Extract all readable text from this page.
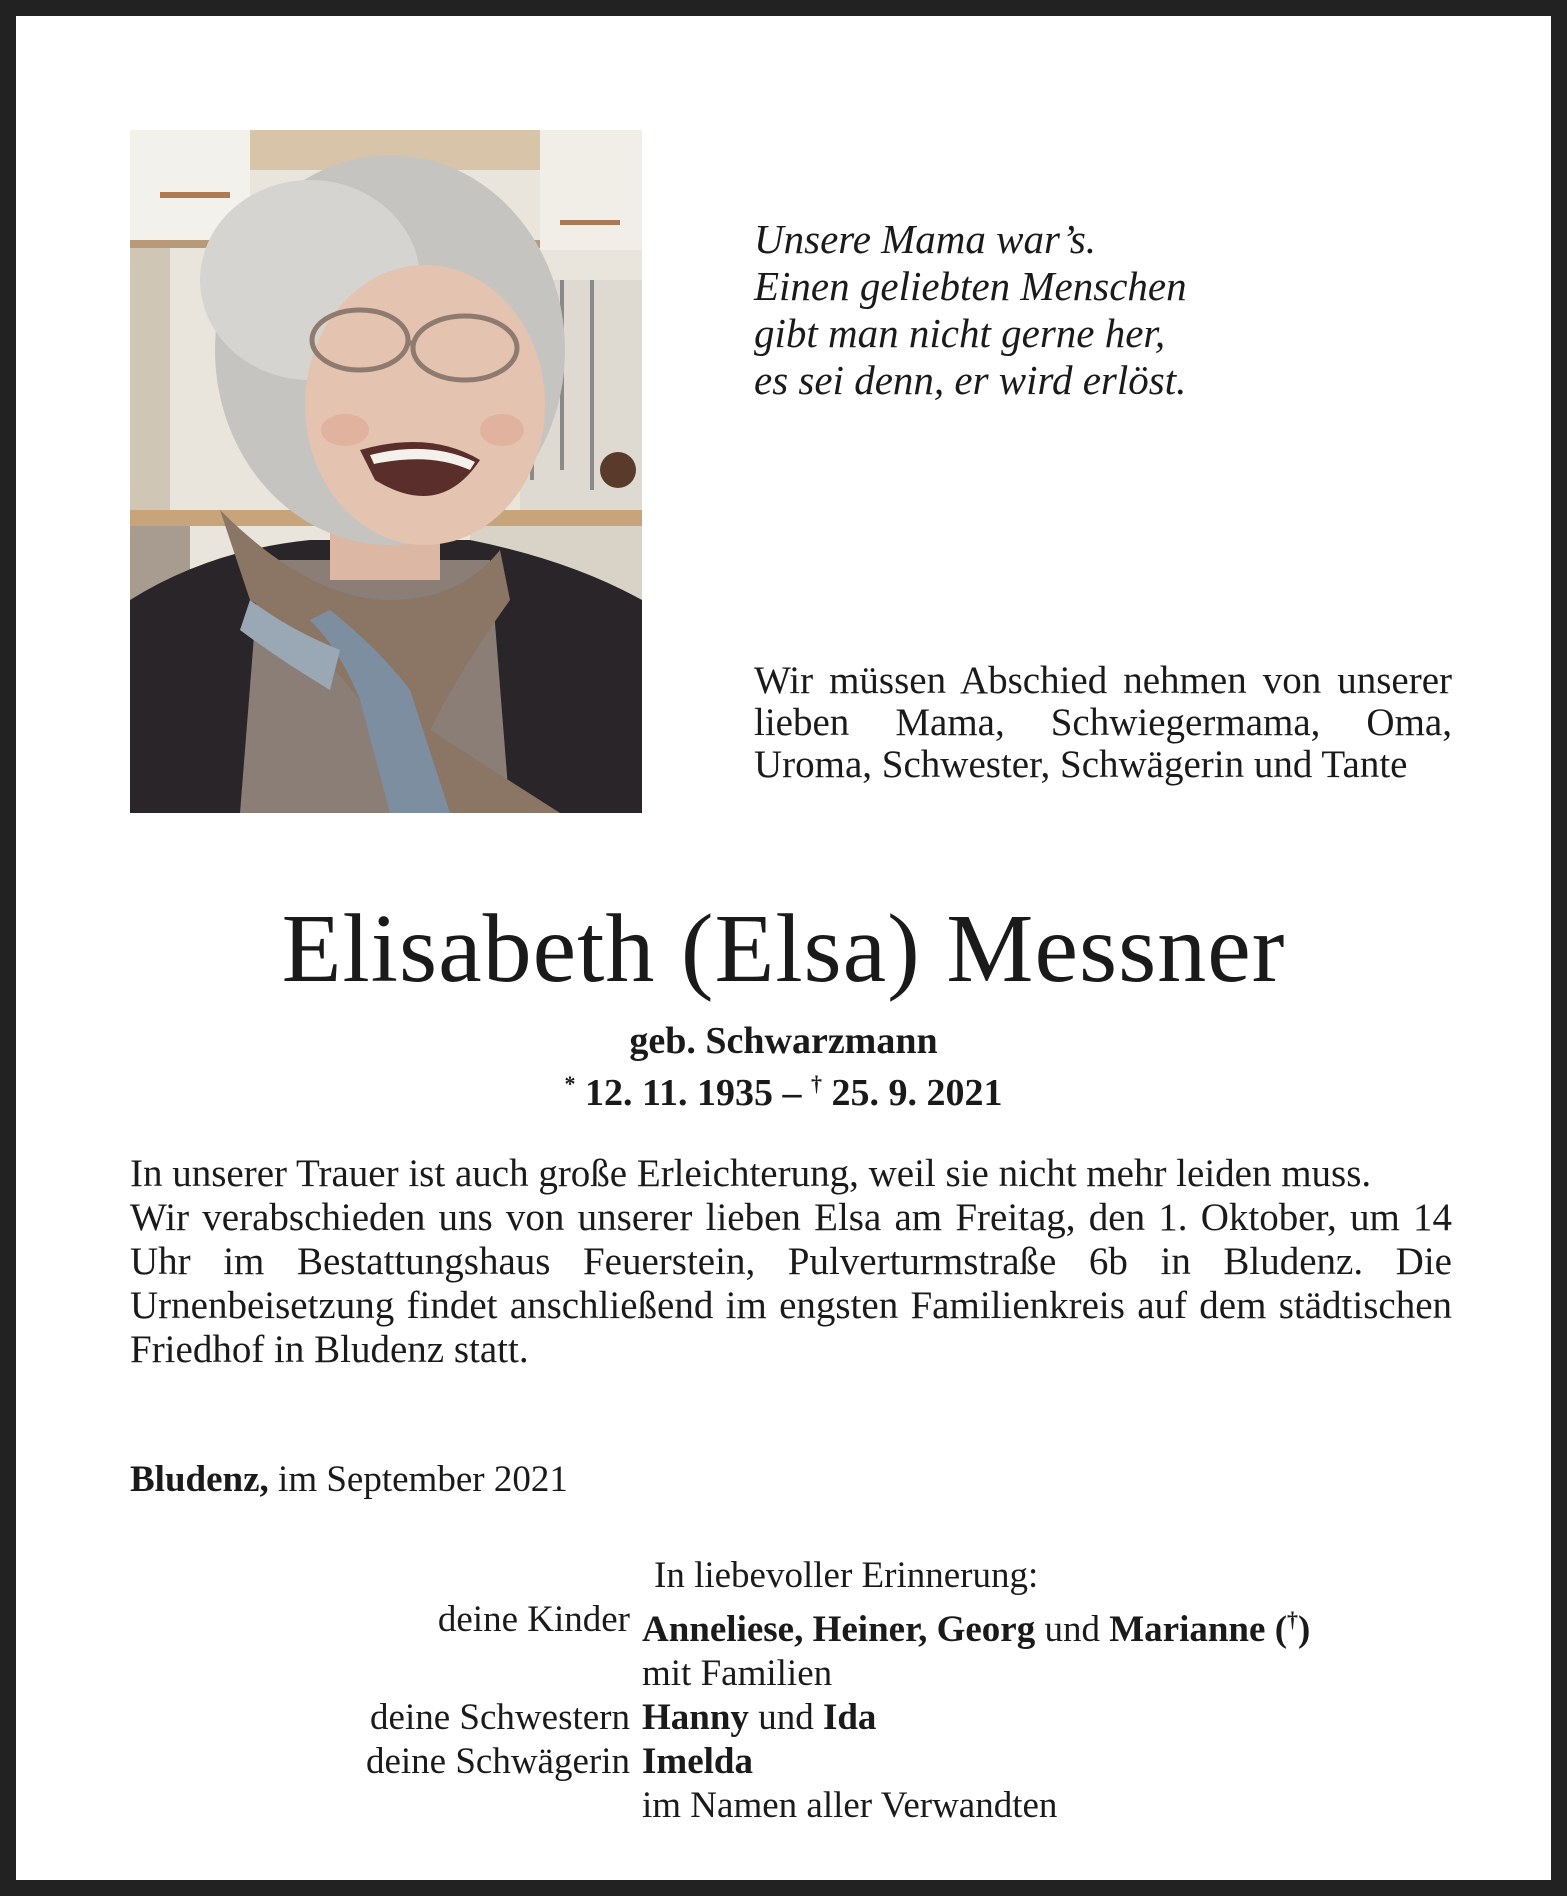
Unsere Mama war’s.
Einen geliebten Menschen
gibt man nicht gerne her,
es sei denn, er wird erlöst.
Wir müssen Abschied nehmen von unserer lieben Mama, Schwiegermama, Oma, Uroma, Schwester, Schwägerin und Tante
Elisabeth (Elsa) Messner
geb. Schwarzmann
* 12. 11. 1935 – † 25. 9. 2021

In unserer Trauer ist auch große Erleichterung, weil sie nicht mehr leiden muss.

Wir verabschieden uns von unserer lieben Elsa am Freitag, den 1. Oktober, um 14 Uhr im Bestattungshaus Feuerstein, Pulverturmstraße 6b in Bludenz. Die Urnenbeisetzung findet anschließend im engsten Familienkreis auf dem städtischen Friedhof in Bludenz statt.

Bludenz, im September 2021
In liebevoller Erinnerung:
deine Kinder Anneliese, Heiner, Georg und Marianne (†)
mit Familien
deine Schwestern Hanny und Ida
deine Schwägerin Imelda
im Namen aller Verwandten
